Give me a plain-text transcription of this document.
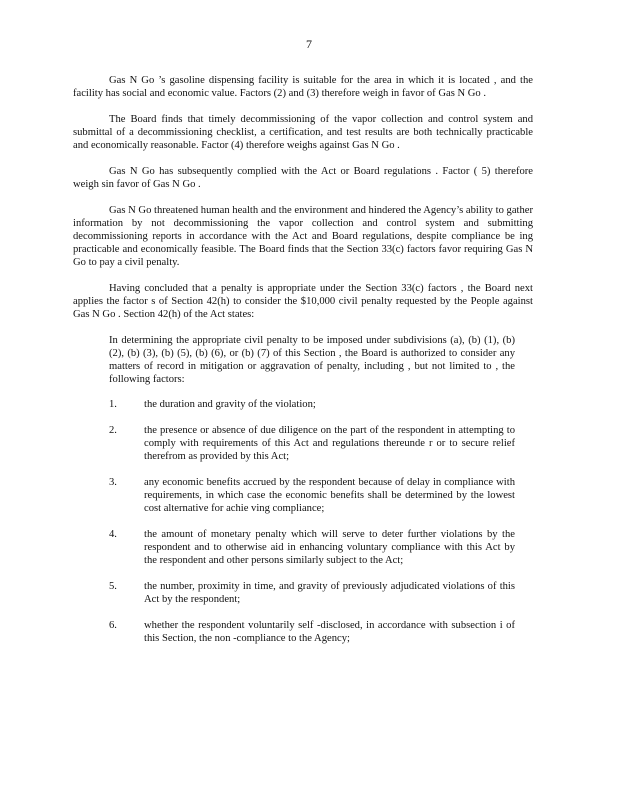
7

Gas N Go ’s gasoline dispensing facility is suitable for the area in which it is located , and the facility has social and economic value. Factors (2) and (3) therefore weigh in favor of Gas N Go .

The Board finds that timely decommissioning of the vapor collection and control system and submittal of a decommissioning checklist, a certification, and test results are both technically practicable and economically reasonable. Factor (4) therefore weighs against Gas N Go .

Gas N Go has subsequently complied with the Act or Board regulations . Factor ( 5) therefore weigh sin favor of Gas N Go .

Gas N Go threatened human health and the environment and hindered the Agency’s ability to gather information by not decommissioning the vapor collection and control system and submitting decommissioning reports in accordance with the Act and Board regulations, despite compliance be ing practicable and economically feasible. The Board finds that the Section 33(c) factors favor requiring Gas N Go to pay a civil penalty.

Having concluded that a penalty is appropriate under the Section 33(c) factors , the Board next applies the factor s of Section 42(h) to consider the $10,000 civil penalty requested by the People against Gas N Go . Section 42(h) of the Act states:

In determining the appropriate civil penalty to be imposed under subdivisions (a), (b) (1), (b) (2), (b) (3), (b) (5), (b) (6), or (b) (7) of this Section , the Board is authorized to consider any matters of record in mitigation or aggravation of penalty, including , but not limited to , the following factors:

1.	the duration and gravity of the violation;
2.	the presence or absence of due diligence on the part of the respondent in attempting to comply with requirements of this Act and regulations thereunde r or to secure relief therefrom as provided by this Act;
3.	any economic benefits accrued by the respondent because of delay in compliance with requirements, in which case the economic benefits shall be determined by the lowest cost alternative for achie ving compliance;
4.	the amount of monetary penalty which will serve to deter further violations by the respondent and to otherwise aid in enhancing voluntary compliance with this Act by the respondent and other persons similarly subject to the Act;
5.	the number, proximity in time, and gravity of previously adjudicated violations of this Act by the respondent;
6.	whether the respondent voluntarily self -disclosed, in accordance with subsection i of this Section, the non -compliance to the Agency;
